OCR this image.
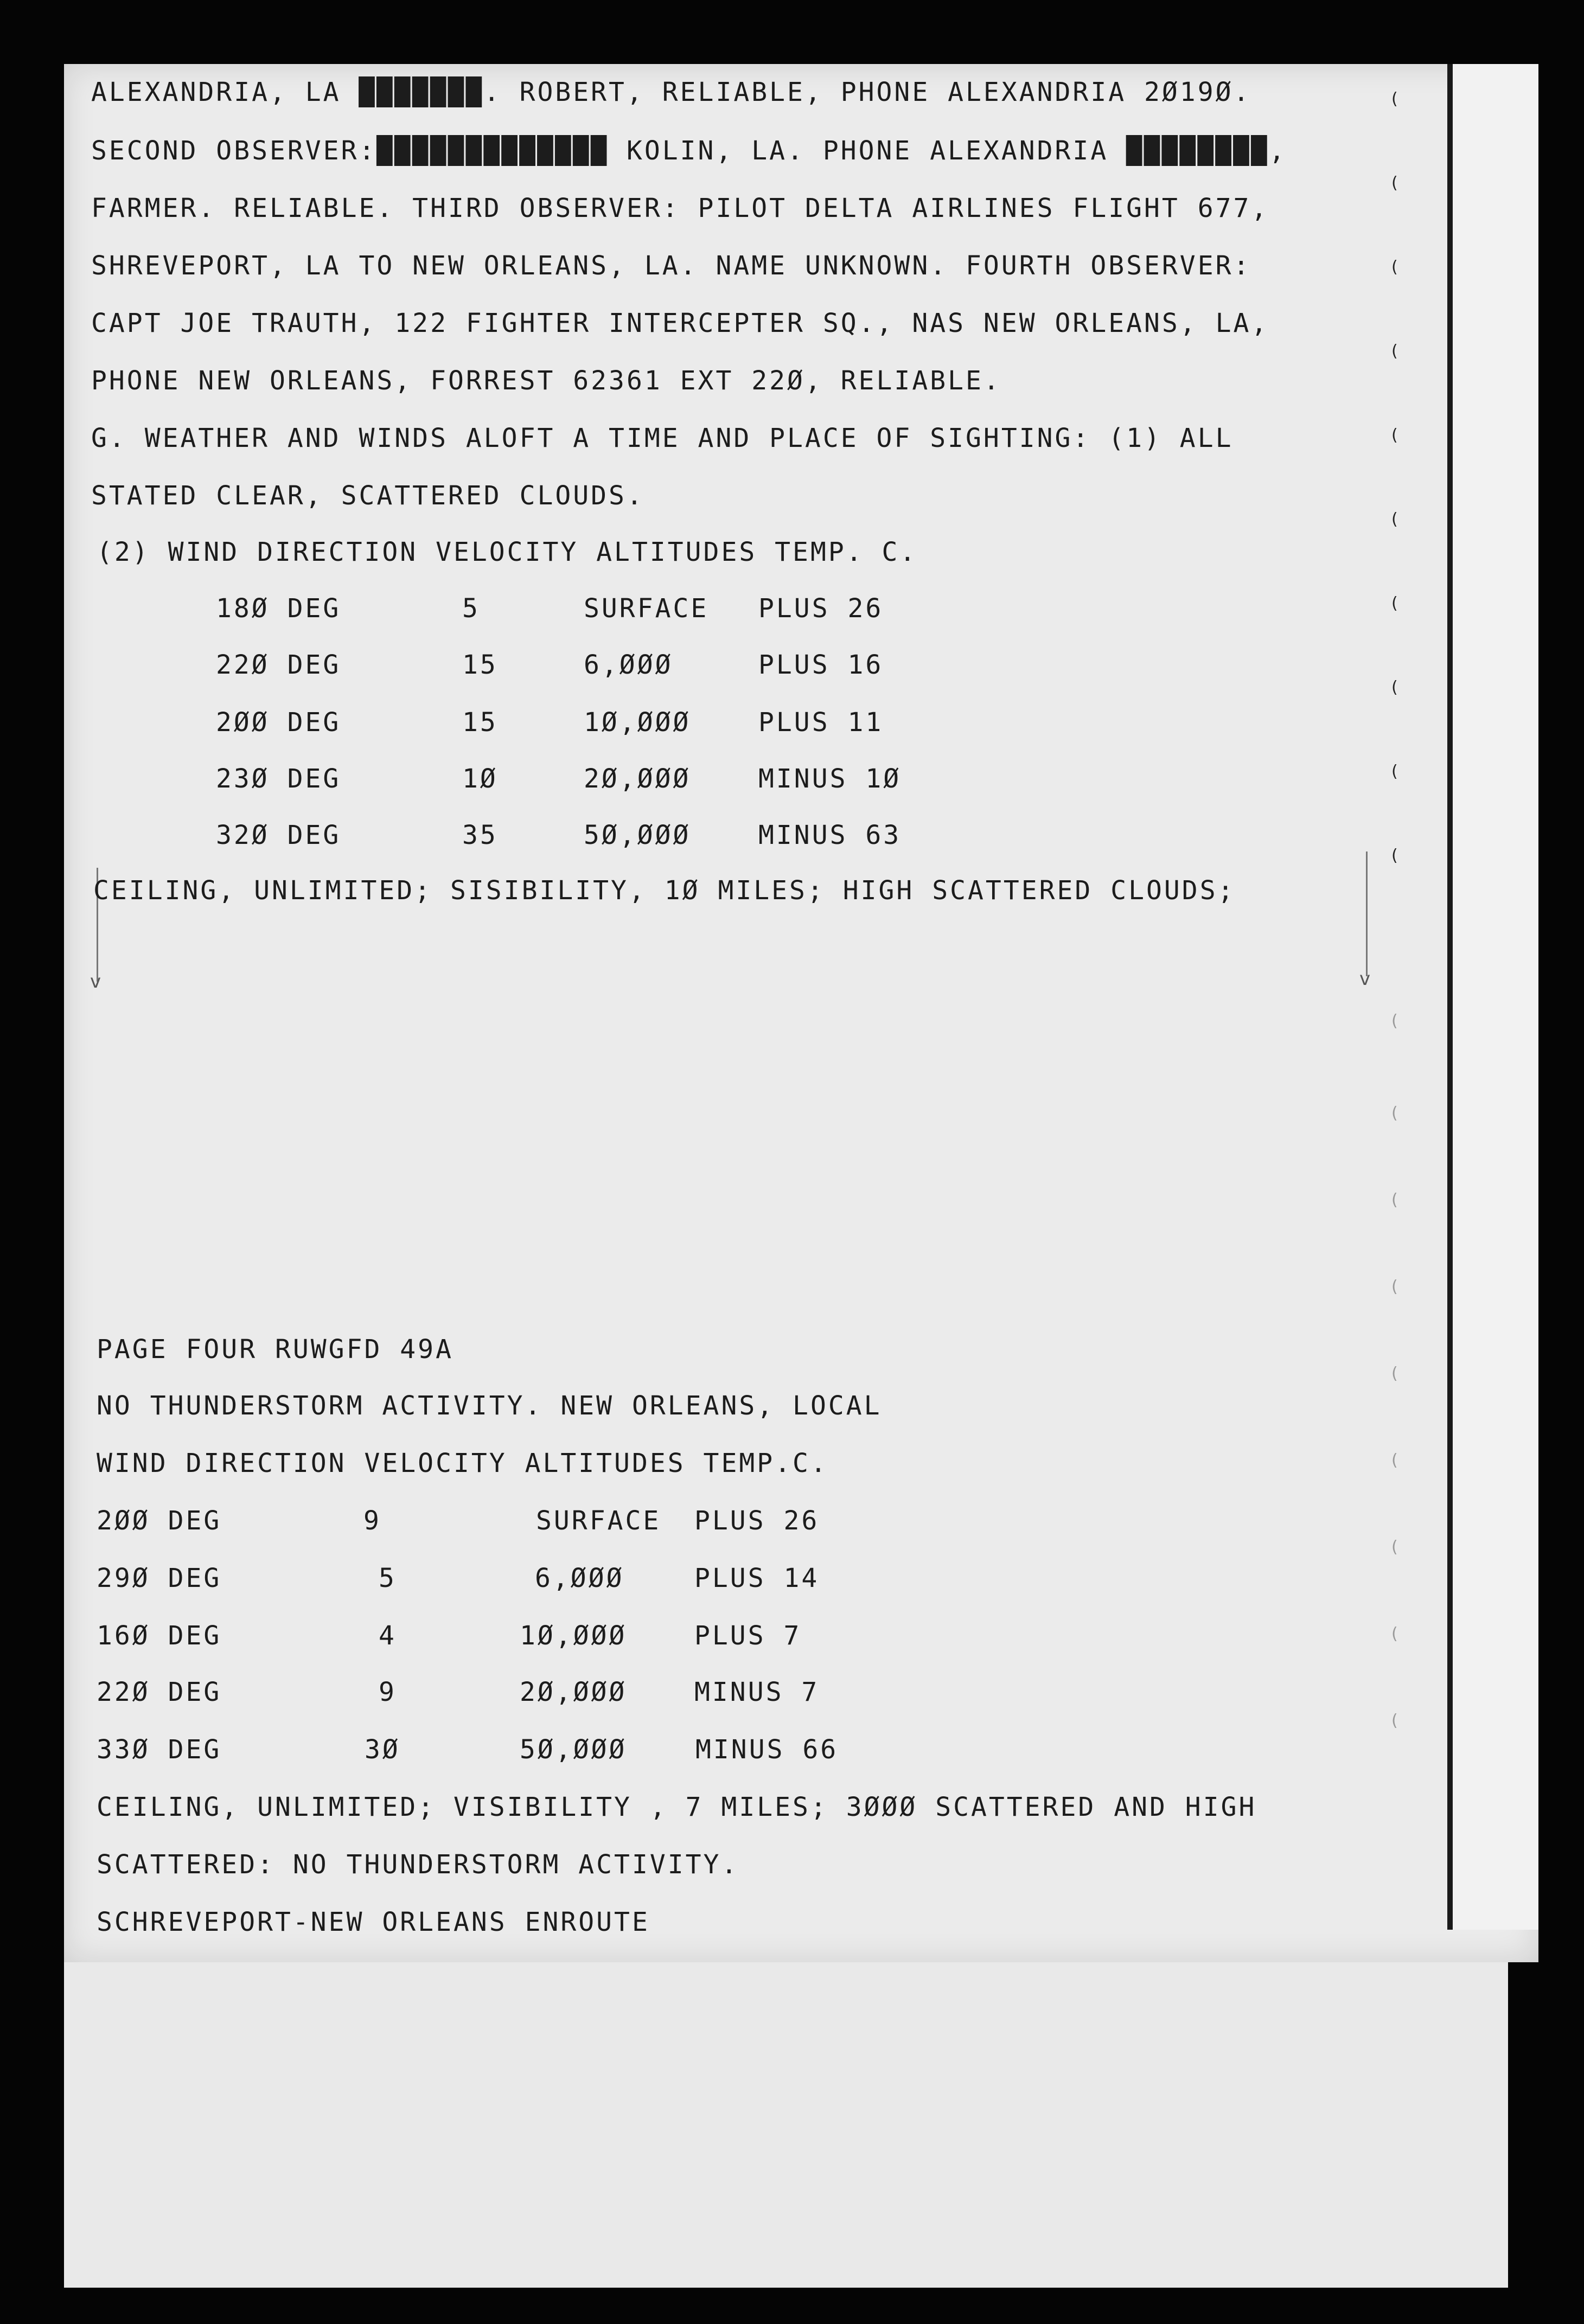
(
(
(
(
(
(
(
(
(
(
(
(
(
(
(
(
(
(
(
v	v
ALEXANDRIA, LA ███████. ROBERT, RELIABLE, PHONE ALEXANDRIA 2Ø19Ø.
SECOND OBSERVER:█████████████ KOLIN, LA. PHONE ALEXANDRIA ████████,
FARMER. RELIABLE. THIRD OBSERVER: PILOT DELTA AIRLINES FLIGHT 677,
SHREVEPORT, LA TO NEW ORLEANS, LA. NAME UNKNOWN. FOURTH OBSERVER:
CAPT JOE TRAUTH, 122 FIGHTER INTERCEPTER SQ., NAS NEW ORLEANS, LA,
PHONE NEW ORLEANS, FORREST 62361 EXT 22Ø, RELIABLE.
G. WEATHER AND WINDS ALOFT A TIME AND PLACE OF SIGHTING: (1) ALL
STATED CLEAR, SCATTERED CLOUDS.
(2) WIND DIRECTION VELOCITY ALTITUDES TEMP. C.
18Ø DEG	5	SURFACE PLUS 26
22Ø DEG	15	6,ØØØ	PLUS 16
2ØØ DEG	15	1Ø,ØØØ	PLUS 11
23Ø DEG	1Ø	2Ø,ØØØ	MINUS 1Ø
32Ø DEG	35	5Ø,ØØØ	MINUS 63
CEILING, UNLIMITED; SISIBILITY, 1Ø MILES; HIGH SCATTERED CLOUDS;
PAGE FOUR RUWGFD 49A
NO THUNDERSTORM ACTIVITY. NEW ORLEANS, LOCAL
WIND DIRECTION VELOCITY ALTITUDES TEMP.C.
2ØØ DEG	9	SURFACE PLUS 26
29Ø DEG	5	6,ØØØ	PLUS 14
16Ø DEG	4	1Ø,ØØØ	PLUS 7
22Ø DEG	9	2Ø,ØØØ	MINUS 7
33Ø DEG	3Ø	5Ø,ØØØ	MINUS 66
CEILING, UNLIMITED; VISIBILITY , 7 MILES; 3ØØØ SCATTERED AND HIGH
SCATTERED: NO THUNDERSTORM ACTIVITY.
SCHREVEPORT-NEW ORLEANS ENROUTE
